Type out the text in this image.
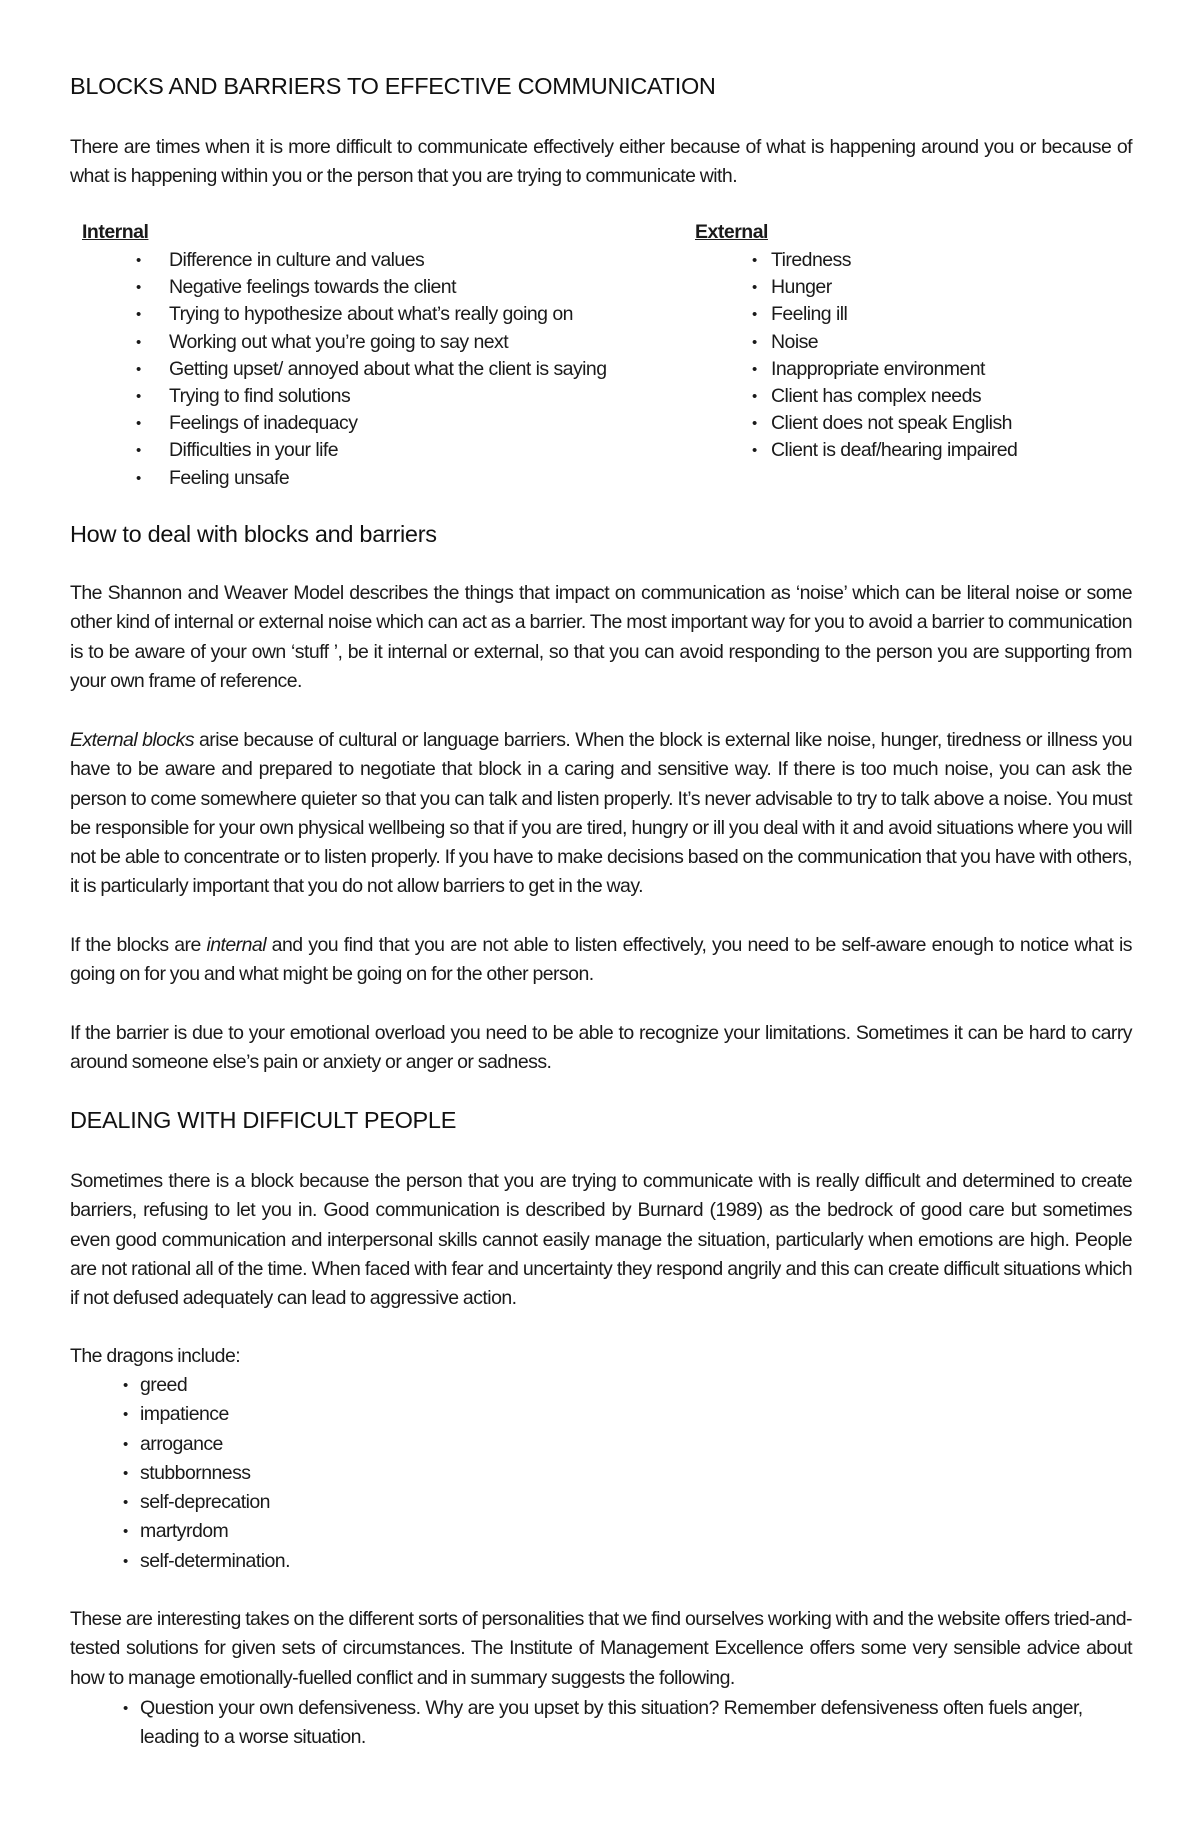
BLOCKS AND BARRIERS TO EFFECTIVE COMMUNICATION

There are times when it is more difficult to communicate effectively either because of what is happening around you or because of what is happening within you or the person that you are trying to communicate with.

Internal
• Difference in culture and values
• Negative feelings towards the client
• Trying to hypothesize about what’s really going on
• Working out what you’re going to say next
• Getting upset/ annoyed about what the client is saying
• Trying to find solutions
• Feelings of inadequacy
• Difficulties in your life
• Feeling unsafe
External
• Tiredness
• Hunger
• Feeling ill
• Noise
• Inappropriate environment
• Client has complex needs
• Client does not speak English
• Client is deaf/hearing impaired
How to deal with blocks and barriers

The Shannon and Weaver Model describes the things that impact on communication as ‘noise’ which can be literal noise or some other kind of internal or external noise which can act as a barrier. The most important way for you to avoid a barrier to communication is to be aware of your own ‘stuff ’, be it internal or external, so that you can avoid responding to the person you are supporting from your own frame of reference.

External blocks arise because of cultural or language barriers. When the block is external like noise, hunger, tiredness or illness you have to be aware and prepared to negotiate that block in a caring and sensitive way. If there is too much noise, you can ask the person to come somewhere quieter so that you can talk and listen properly. It’s never advisable to try to talk above a noise. You must be responsible for your own physical wellbeing so that if you are tired, hungry or ill you deal with it and avoid situations where you will not be able to concentrate or to listen properly. If you have to make decisions based on the communication that you have with others, it is particularly important that you do not allow barriers to get in the way.

If the blocks are internal and you find that you are not able to listen effectively, you need to be self-aware enough to notice what is going on for you and what might be going on for the other person.

If the barrier is due to your emotional overload you need to be able to recognize your limitations. Sometimes it can be hard to carry around someone else’s pain or anxiety or anger or sadness.

DEALING WITH DIFFICULT PEOPLE

Sometimes there is a block because the person that you are trying to communicate with is really difficult and determined to create barriers, refusing to let you in. Good communication is described by Burnard (1989) as the bedrock of good care but sometimes even good communication and interpersonal skills cannot easily manage the situation, particularly when emotions are high. People are not rational all of the time. When faced with fear and uncertainty they respond angrily and this can create difficult situations which if not defused adequately can lead to aggressive action.

The dragons include:

• greed
• impatience
• arrogance
• stubbornness
• self-deprecation
• martyrdom
• self-determination.

These are interesting takes on the different sorts of personalities that we find ourselves working with and the website offers tried-and-tested solutions for given sets of circumstances. The Institute of Management Excellence offers some very sensible advice about how to manage emotionally-fuelled conflict and in summary suggests the following.

• Question your own defensiveness. Why are you upset by this situation? Remember defensiveness often fuels anger, leading to a worse situation.
